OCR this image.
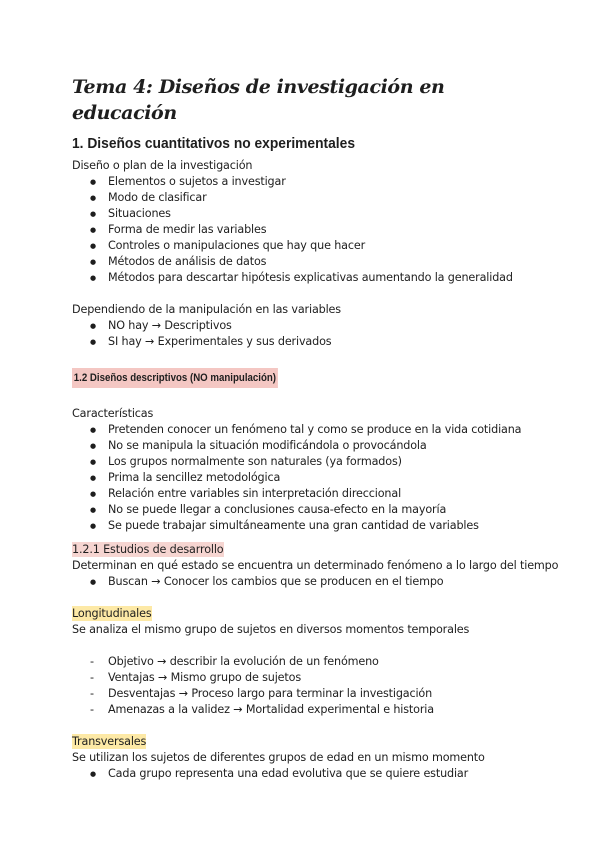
Tema 4: Diseños de investigación en educación
1. Diseños cuantitativos no experimentales
Diseño o plan de la investigación
● Elementos o sujetos a investigar
● Modo de clasificar
● Situaciones
● Forma de medir las variables
● Controles o manipulaciones que hay que hacer
● Métodos de análisis de datos
● Métodos para descartar hipótesis explicativas aumentando la generalidad
Dependiendo de la manipulación en las variables
● NO hay → Descriptivos
● SI hay → Experimentales y sus derivados
1.2 Diseños descriptivos (NO manipulación)
Características
● Pretenden conocer un fenómeno tal y como se produce en la vida cotidiana
● No se manipula la situación modificándola o provocándola
● Los grupos normalmente son naturales (ya formados)
● Prima la sencillez metodológica
● Relación entre variables sin interpretación direccional
● No se puede llegar a conclusiones causa-efecto en la mayoría
● Se puede trabajar simultáneamente una gran cantidad de variables
1.2.1 Estudios de desarrollo
Determinan en qué estado se encuentra un determinado fenómeno a lo largo del tiempo
● Buscan → Conocer los cambios que se producen en el tiempo
Longitudinales
Se analiza el mismo grupo de sujetos en diversos momentos temporales
- Objetivo → describir la evolución de un fenómeno
- Ventajas → Mismo grupo de sujetos
- Desventajas → Proceso largo para terminar la investigación
- Amenazas a la validez → Mortalidad experimental e historia
Transversales
Se utilizan los sujetos de diferentes grupos de edad en un mismo momento
● Cada grupo representa una edad evolutiva que se quiere estudiar
